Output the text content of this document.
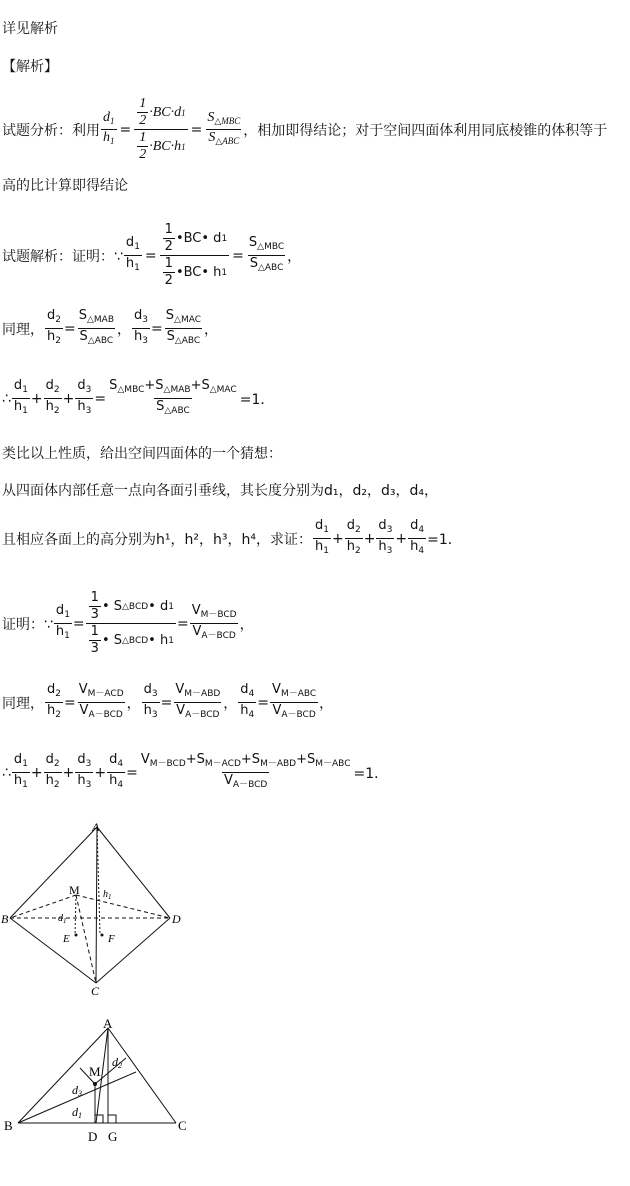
详见解析
【解析】
试题分析：利用 $\frac{d_1}{h_1} = \frac{\frac{1}{2} \cdot BC\cdot d 1}{\frac{1}{2} \cdot BC\cdot h 1} = \frac{S_{\triangle MBC}}{S_{\triangle ABC}}$ ，相加即得结论；对于空间四面体利用同底棱锥的体积等于
高的比计算即得结论
试题解析：证明：∵ $\frac{d_1}{h_1} = \frac{\frac{1}{2} •BC• d 1}{\frac{1}{2} •BC• h 1} = \frac{S_{\triangle MBC}}{S_{\triangle ABC}}$ ，
同理， $\frac{d_2}{h_2} = \frac{S_{\triangle MAB}}{S_{\triangle ABC}}$ ， $\frac{d_3}{h_3} = \frac{S_{\triangle MAC}}{S_{\triangle ABC}}$ ，
∴ $\frac{d_1}{h_1} + \frac{d_2}{h_2} + \frac{d_3}{h_3} = \frac{S_{\triangle MBC}+S_{\triangle MAB}+S_{\triangle MAC}}{S_{\triangle ABC}} =1$．
类比以上性质，给出空间四面体的一个猜想：
从四面体内部任意一点向各面引垂线，其长度分别为d₁，d₂，d₃，d₄，
且相应各面上的高分别为h¹，h²，h³，h⁴，求证： $\frac{d_1}{h_1} + \frac{d_2}{h_2} + \frac{d_3}{h_3} + \frac{d_4}{h_4} =1$．
证明：∵ $\frac{d_1}{h_1} = \frac{\frac{1}{3} • S \triangle BCD • d 1}{\frac{1}{3} • S \triangle BCD • h 1} = \frac{V_{M-BCD}}{V_{A-BCD}}$ ，
同理， $\frac{d_2}{h_2} = \frac{V_{M-ACD}}{V_{A-BCD}}$ ， $\frac{d_3}{h_3} = \frac{V_{M-ABD}}{V_{A-BCD}}$ ， $\frac{d_4}{h_4} = \frac{V_{M-ABC}}{V_{A-BCD}}$ ，
∴ $\frac{d_1}{h_1} + \frac{d_2}{h_2} + \frac{d_3}{h_3} + \frac{d_4}{h_4} = \frac{V_{M-BCD}+S_{M-ACD}+S_{M-ABD}+S_{M-ABC}}{V_{A-BCD}} =1$．
A
B
C
D
M
E	F
$h_1$
$d_1$
A
B	C
D G
M
d1
d2
d3
